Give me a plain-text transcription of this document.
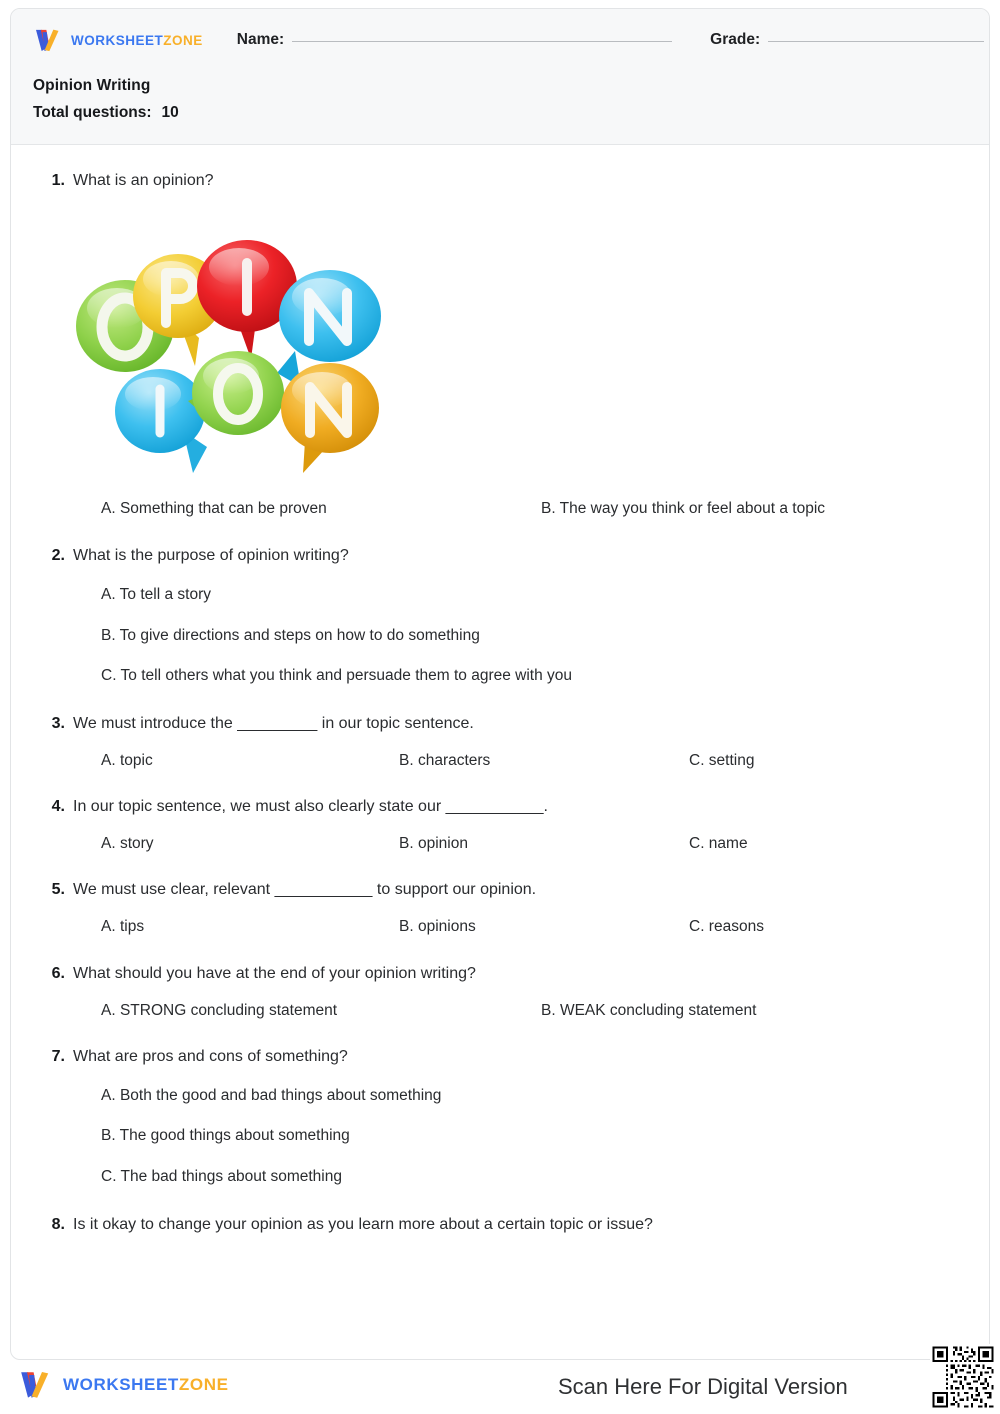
WORKSHEETZONE Name:	Grade:
Opinion Writing
Total questions: 10
1. What is an opinion?
A. Something that can be proven	B. The way you think or feel about a topic
2. What is the purpose of opinion writing?
A. To tell a story
B. To give directions and steps on how to do something
C. To tell others what you think and persuade them to agree with you
3. We must introduce the _________ in our topic sentence.
A. topic	B. characters	C. setting
4. In our topic sentence, we must also clearly state our ___________.
A. story	B. opinion	C. name
5. We must use clear, relevant ___________ to support our opinion.
A. tips	B. opinions	C. reasons
6. What should you have at the end of your opinion writing?
A. STRONG concluding statement	B. WEAK concluding statement
7. What are pros and cons of something?
A. Both the good and bad things about something
B. The good things about something
C. The bad things about something
8. Is it okay to change your opinion as you learn more about a certain topic or issue?
WORKSHEETZONE	Scan Here For Digital Version
